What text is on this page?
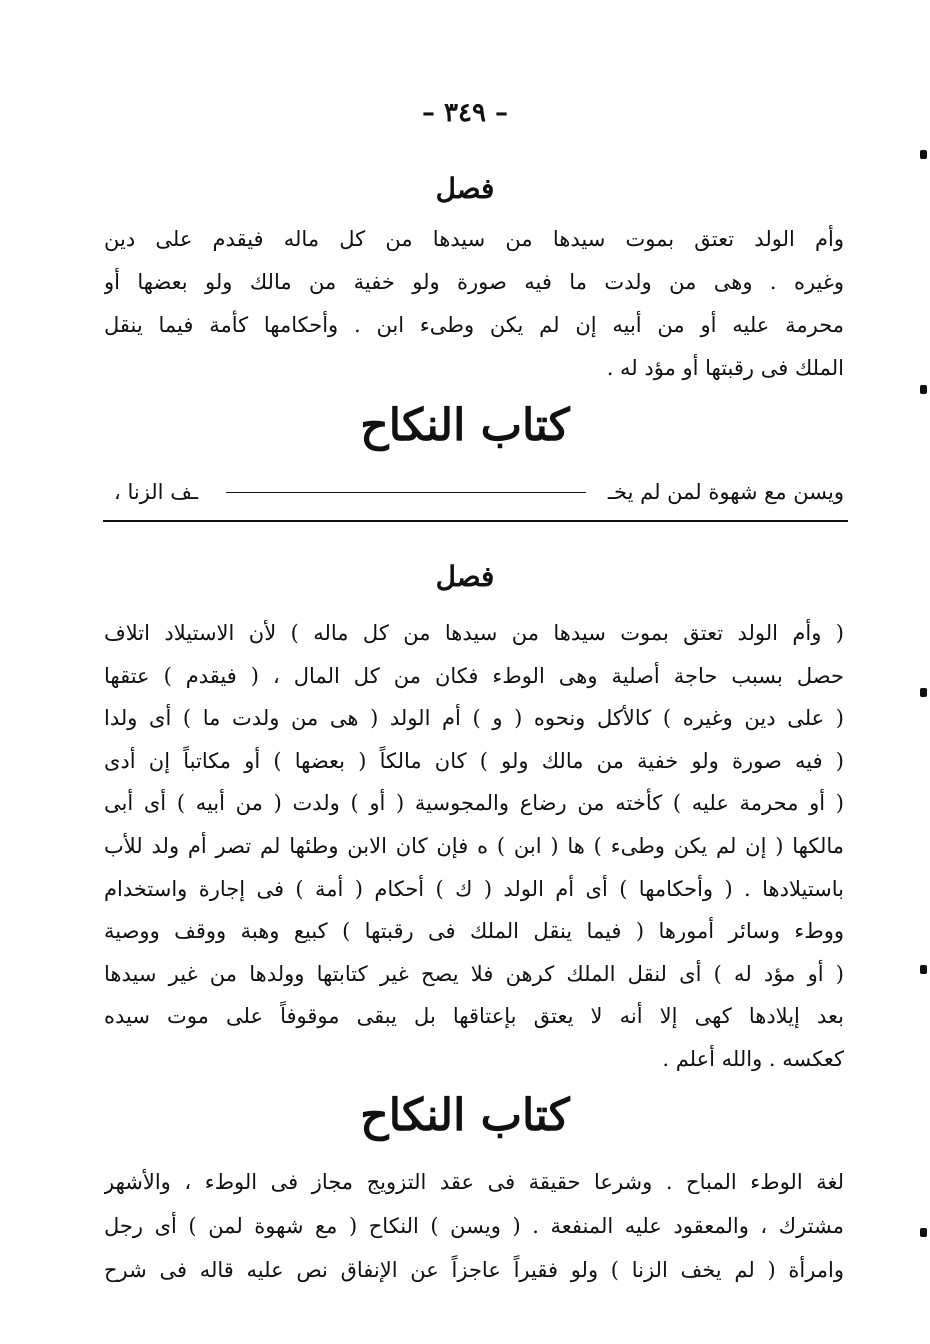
– ٣٤٩ –
فصل
وأم الولد تعتق بموت سيدها من سيدها من كل ماله فيقدم على دين
وغيره . وهى من ولدت ما فيه صورة ولو خفية من مالك ولو بعضها أو
محرمة عليه أو من أبيه إن لم يكن وطىء ابن . وأحكامها كأمة فيما ينقل
الملك فى رقبتها أو مؤد له .
كتاب النكاح
ويسن مع شهوة لمن لم يخـ
ـف الزنا ،
فصل
( وأم الولد تعتق بموت سيدها من سيدها من كل ماله ) لأن الاستيلاد اتلاف
حصل بسبب حاجة أصلية وهى الوطء فكان من كل المال ، ( فيقدم ) عتقها
( على دين وغيره ) كالأكل ونحوه ( و ) أم الولد ( هى من ولدت ما ) أى ولدا
( فيه صورة ولو خفية من مالك ولو ) كان مالكاً ( بعضها ) أو مكاتباً إن أدى
( أو محرمة عليه ) كأخته من رضاع والمجوسية ( أو ) ولدت ( من أبيه ) أى أبى
مالكها ( إن لم يكن وطىء ) ها ( ابن ) ه فإن كان الابن وطئها لم تصر أم ولد للأب
باستيلادها . ( وأحكامها ) أى أم الولد ( ك ) أحكام ( أمة ) فى إجارة واستخدام
ووطء وسائر أمورها ( فيما ينقل الملك فى رقبتها ) كبيع وهبة ووقف ووصية
( أو مؤد له ) أى لنقل الملك كرهن فلا يصح غير كتابتها وولدها من غير سيدها
بعد إيلادها كهى إلا أنه لا يعتق بإعتاقها بل يبقى موقوفاً على موت سيده
كعكسه . والله أعلم .
كتاب النكاح
لغة الوطء المباح . وشرعا حقيقة فى عقد التزويج مجاز فى الوطء ، والأشهر
مشترك ، والمعقود عليه المنفعة . ( ويسن ) النكاح ( مع شهوة لمن ) أى رجل
وامرأة ( لم يخف الزنا ) ولو فقيراً عاجزاً عن الإنفاق نص عليه قاله فى شرح
